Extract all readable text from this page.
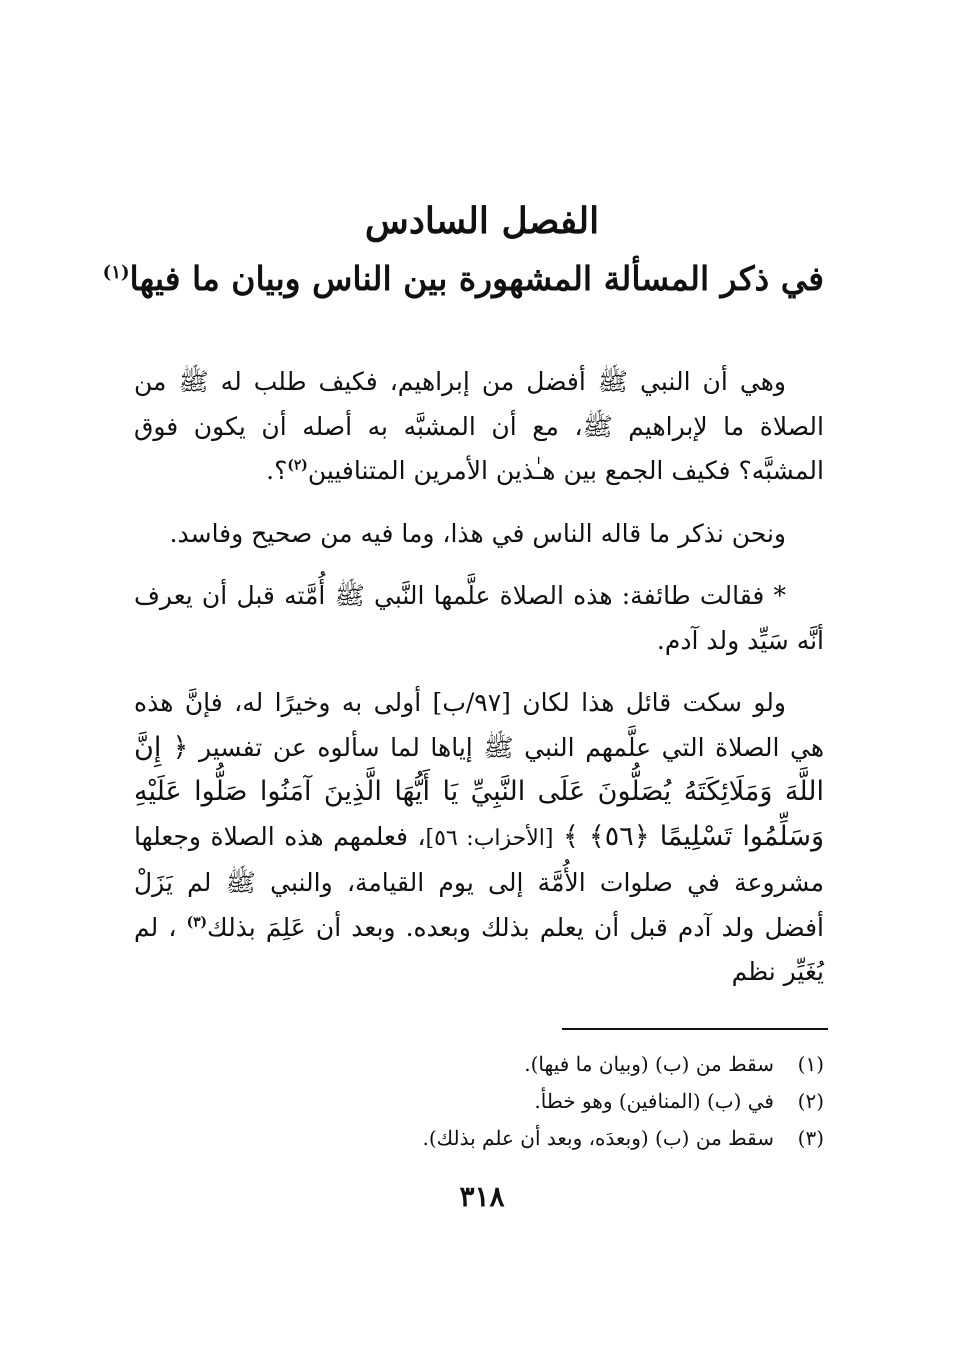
الفصل السادس
في ذكر المسألة المشهورة بين الناس وبيان ما فيها$^{(١)}$

وهي أن النبي ﷺ أفضل من إبراهيم، فكيف طلب له ﷺ من الصلاة ما لإبراهيم ﷺ، مع أن المشبَّه به أصله أن يكون فوق المشبَّه؟ فكيف الجمع بين هـٰذين الأمرين المتنافيين$^{(٢)}$؟.

ونحن نذكر ما قاله الناس في هذا، وما فيه من صحيح وفاسد.

* فقالت طائفة: هذه الصلاة علَّمها النَّبي ﷺ أُمَّته قبل أن يعرف أنَّه سَيِّد ولد آدم.

ولو سكت قائل هذا لكان [٩٧/ب] أولى به وخيرًا له، فإنَّ هذه هي الصلاة التي علَّمهم النبي ﷺ إياها لما سألوه عن تفسير ﴿ إِنَّ اللَّهَ وَمَلَائِكَتَهُ يُصَلُّونَ عَلَى النَّبِيِّ يَا أَيُّهَا الَّذِينَ آمَنُوا صَلُّوا عَلَيْهِ وَسَلِّمُوا تَسْلِيمًا ﴿٥٦﴾ ﴾ [الأحزاب: ٥٦]، فعلمهم هذه الصلاة وجعلها مشروعة في صلوات الأُمَّة إلى يوم القيامة، والنبي ﷺ لم يَزَلْ أفضل ولد آدم قبل أن يعلم بذلك وبعده. وبعد أن عَلِمَ بذلك$^{(٣)}$ ، لم يُغَيِّر نظم

(١)سقط من (ب) (وبيان ما فيها).
(٢)في (ب) (المنافين) وهو خطأ.
(٣)سقط من (ب) (وبعدَه، وبعد أن علم بذلك).
٣١٨
